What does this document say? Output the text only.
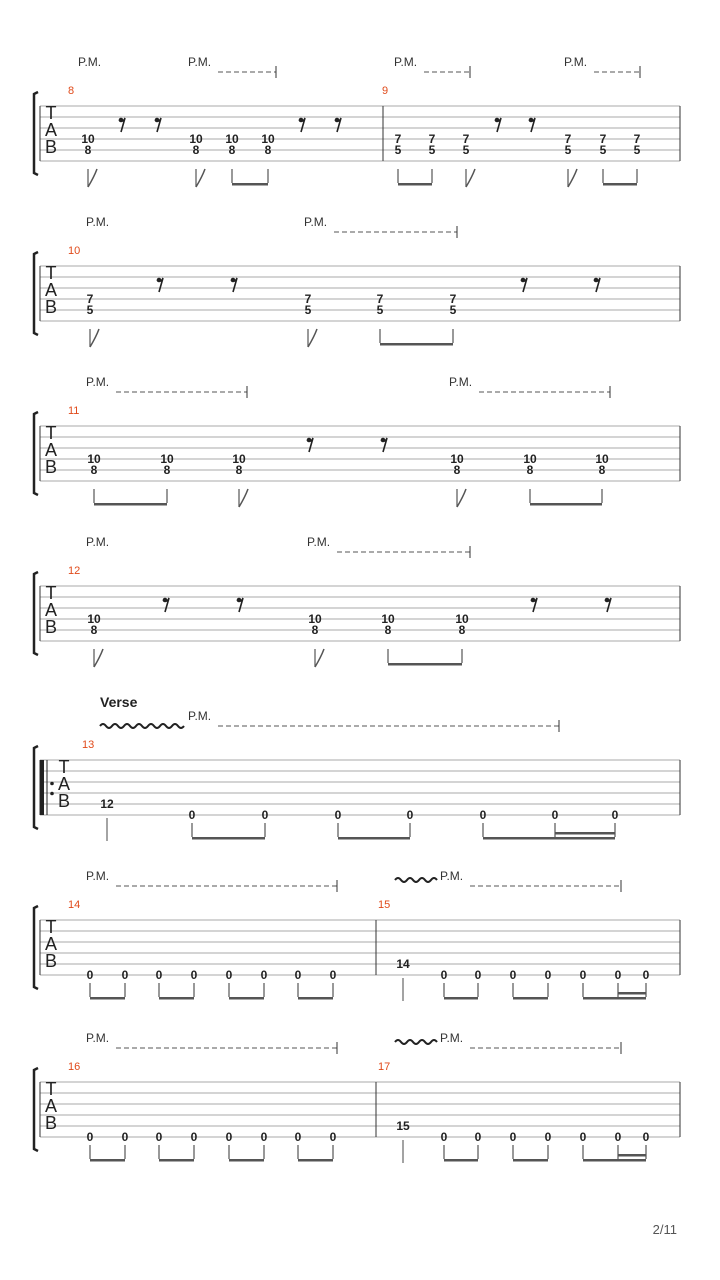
P.M.	P.M.	P.M.	P.M.
T
A
B
8
10
8
10
8
10
8
10
8
9
7
5
7
5
7
5
7
5
7
5
7
5
P.M.	P.M.
T
A
B
10
7
5
7
5
7
5
7
5
P.M.	P.M.
T
A
B
11
10
8
10
8
10
8
10
8
10
8
10
8
P.M.	P.M.
T
A
B
12
10
8
10
8
10
8
10
8
Verse
P.M.
T
A
B
13
12
0	0	0	0	0	0	0
P.M.	P.M.
T
A
B
14
0 0 0 0 0 0 0 0
15
14
0 0 0 0 0 0 0
P.M.	P.M.
T
A
B
16
0 0 0 0 0 0 0 0
17
15
0 0 0 0 0 0 0
2/11
